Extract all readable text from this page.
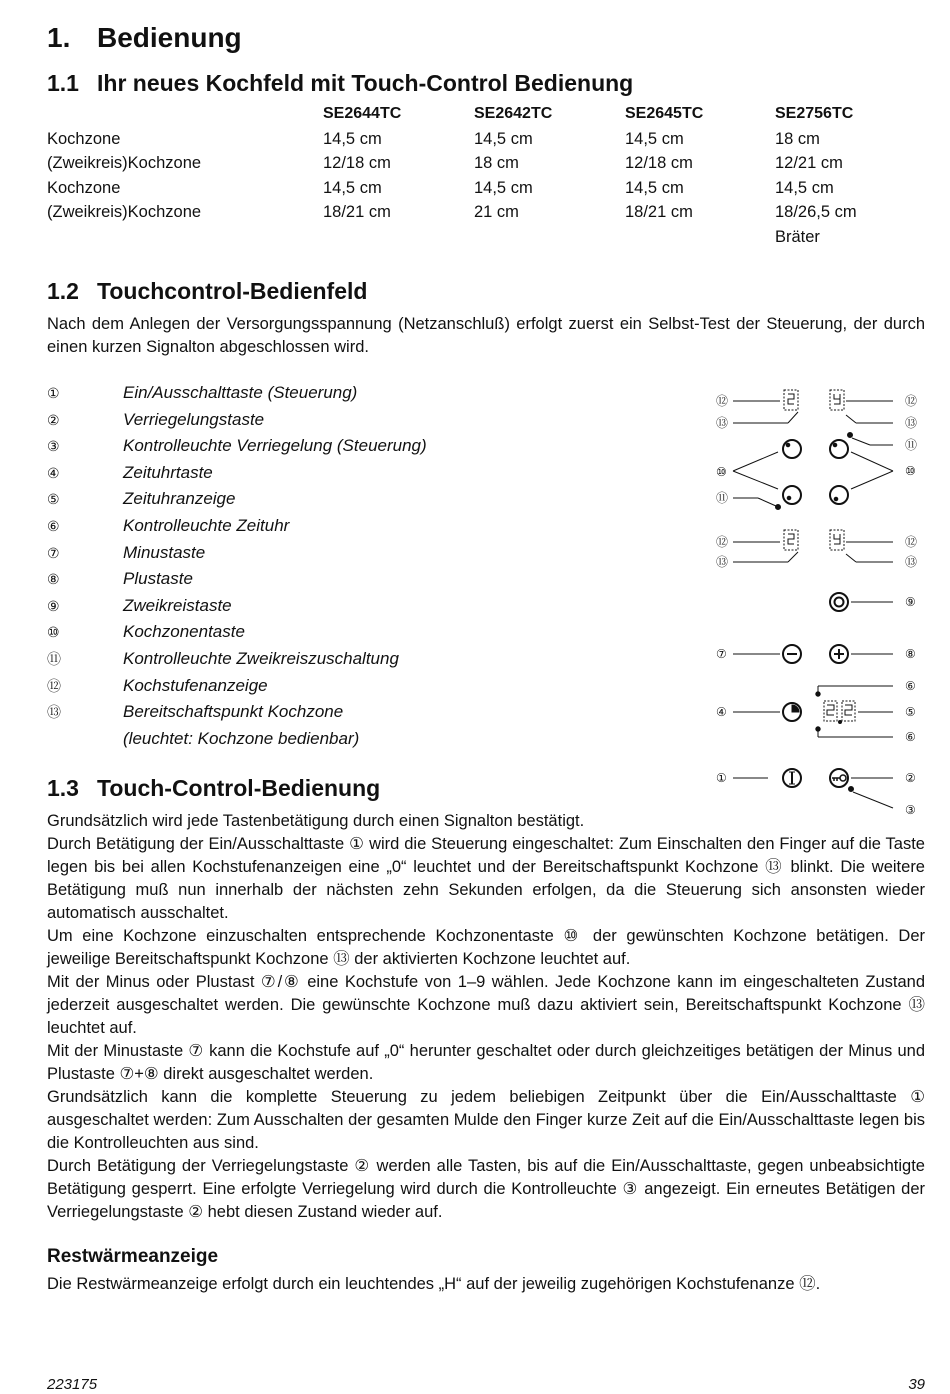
1. Bedienung
1.1 Ihr neues Kochfeld mit Touch-Control Bedienung
	SE2644TC	SE2642TC	SE2645TC	SE2756TC
Kochzone	14,5 cm	14,5 cm	14,5 cm	18 cm
(Zweikreis)Kochzone	12/18 cm	18 cm	12/18 cm	12/21 cm
Kochzone	14,5 cm	14,5 cm	14,5 cm	14,5 cm
(Zweikreis)Kochzone	18/21 cm	21 cm	18/21 cm	18/26,5 cm
				Bräter
1.2 Touchcontrol-Bedienfeld

Nach dem Anlegen der Versorgungsspannung (Netzanschluß) erfolgt zuerst ein Selbst-Test der Steuerung, der durch einen kurzen Signalton abgeschlossen wird.

①	Ein/Ausschalttaste (Steuerung)
②	Verriegelungstaste
③	Kontrolleuchte Verriegelung (Steuerung)
④	Zeituhrtaste
⑤	Zeituhranzeige
⑥	Kontrolleuchte Zeituhr
⑦	Minustaste
⑧	Plustaste
⑨	Zweikreistaste
⑩	Kochzonentaste
⑪	Kontrolleuchte Zweikreiszuschaltung
⑫	Kochstufenanzeige
⑬	Bereitschaftspunkt Kochzone
(leuchtet: Kochzone bedienbar)
⑫
⑬
⑫
⑬
⑪
⑩	⑩
⑪
⑫
⑬
⑫
⑬
⑨
⑦	⑧
⑥
④	⑤
⑥
①	②
③
1.3 Touch-Control-Bedienung

Grundsätzlich wird jede Tastenbetätigung durch einen Signalton bestätigt.

Durch Betätigung der Ein/Ausschalttaste ① wird die Steuerung eingeschaltet: Zum Einschalten den Finger auf die Taste legen bis bei allen Kochstufenanzeigen eine „0“ leuchtet und der Bereitschaftspunkt Kochzone ⑬ blinkt. Die weitere Betätigung muß nun innerhalb der nächsten zehn Sekunden erfolgen, da die Steuerung sich ansonsten wieder automatisch ausschaltet.

Um eine Kochzone einzuschalten entsprechende Kochzonentaste ⑩ der gewünschten Kochzone betätigen. Der jeweilige Bereitschaftspunkt Kochzone ⑬ der aktivierten Kochzone leuchtet auf.

Mit der Minus oder Plustast ⑦/⑧ eine Kochstufe von 1–9 wählen. Jede Kochzone kann im eingeschalteten Zustand jederzeit ausgeschaltet werden. Die gewünschte Kochzone muß dazu aktiviert sein, Bereitschaftspunkt Kochzone ⑬ leuchtet auf.

Mit der Minustaste ⑦ kann die Kochstufe auf „0“ herunter geschaltet oder durch gleichzeitiges betätigen der Minus und Plustaste ⑦+⑧ direkt ausgeschaltet werden.

Grundsätzlich kann die komplette Steuerung zu jedem beliebigen Zeitpunkt über die Ein/Ausschalttaste ① ausgeschaltet werden: Zum Ausschalten der gesamten Mulde den Finger kurze Zeit auf die Ein/Ausschalttaste legen bis die Kontrolleuchten aus sind.

Durch Betätigung der Verriegelungstaste ② werden alle Tasten, bis auf die Ein/Ausschalttaste, gegen unbeabsichtigte Betätigung gesperrt. Eine erfolgte Verriegelung wird durch die Kontrolleuchte ③ angezeigt. Ein erneutes Betätigen der Verriegelungstaste ② hebt diesen Zustand wieder auf.

Restwärmeanzeige

Die Restwärmeanzeige erfolgt durch ein leuchtendes „H“ auf der jeweilig zugehörigen Kochstufenanze ⑫.

223175	39
